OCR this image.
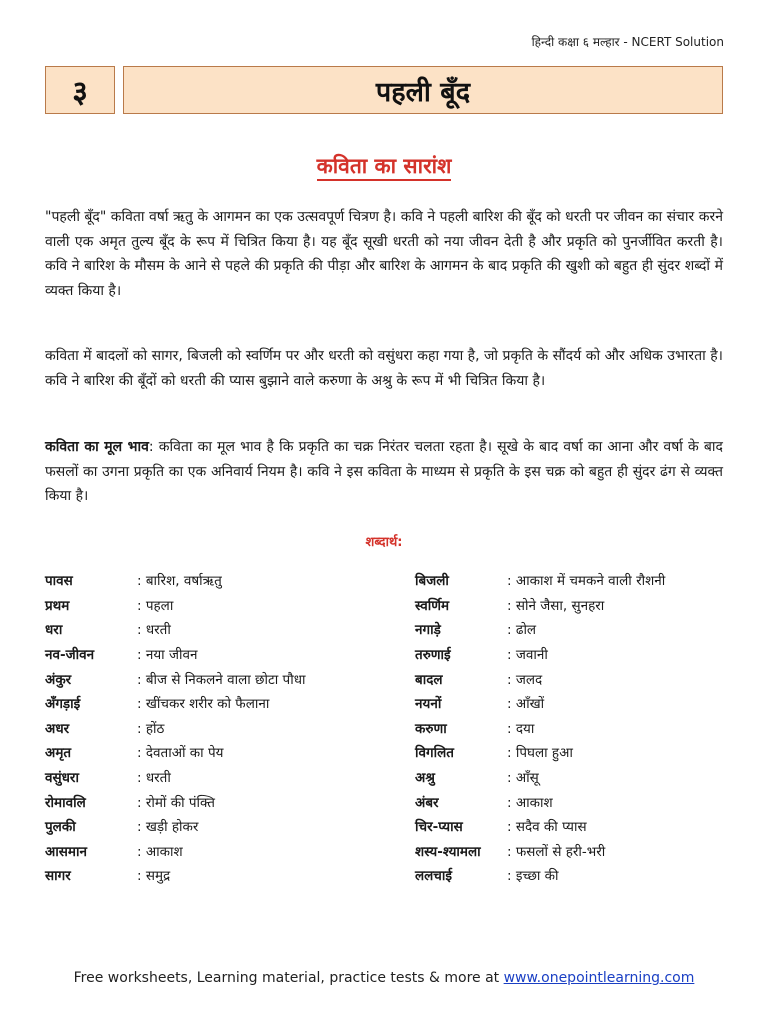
हिन्दी कक्षा ६ मल्हार - NCERT Solution
३	पहली बूँद
कविता का सारांश

"पहली बूँद" कविता वर्षा ऋतु के आगमन का एक उत्सवपूर्ण चित्रण है। कवि ने पहली बारिश की बूँद को धरती पर जीवन का संचार करने वाली एक अमृत तुल्य बूँद के रूप में चित्रित किया है। यह बूँद सूखी धरती को नया जीवन देती है और प्रकृति को पुनर्जीवित करती है। कवि ने बारिश के मौसम के आने से पहले की प्रकृति की पीड़ा और बारिश के आगमन के बाद प्रकृति की खुशी को बहुत ही सुंदर शब्दों में व्यक्त किया है।

कविता में बादलों को सागर, बिजली को स्वर्णिम पर और धरती को वसुंधरा कहा गया है, जो प्रकृति के सौंदर्य को और अधिक उभारता है। कवि ने बारिश की बूँदों को धरती की प्यास बुझाने वाले करुणा के अश्रु के रूप में भी चित्रित किया है।

कविता का मूल भाव: कविता का मूल भाव है कि प्रकृति का चक्र निरंतर चलता रहता है। सूखे के बाद वर्षा का आना और वर्षा के बाद फसलों का उगना प्रकृति का एक अनिवार्य नियम है। कवि ने इस कविता के माध्यम से प्रकृति के इस चक्र को बहुत ही सुंदर ढंग से व्यक्त किया है।

शब्दार्थ:
पावस	: बारिश, वर्षाऋतु
प्रथम	: पहला
धरा	: धरती
नव-जीवन	: नया जीवन
अंकुर	: बीज से निकलने वाला छोटा पौधा
अँगड़ाई	: खींचकर शरीर को फैलाना
अधर	: होंठ
अमृत	: देवताओं का पेय
वसुंधरा	: धरती
रोमावलि	: रोमों की पंक्ति
पुलकी	: खड़ी होकर
आसमान	: आकाश
सागर	: समुद्र
बिजली	: आकाश में चमकने वाली रौशनी
स्वर्णिम	: सोने जैसा, सुनहरा
नगाड़े	: ढोल
तरुणाई	: जवानी
बादल	: जलद
नयनों	: आँखों
करुणा	: दया
विगलित	: पिघला हुआ
अश्रु	: आँसू
अंबर	: आकाश
चिर-प्यास	: सदैव की प्यास
शस्य-श्यामला	: फसलों से हरी-भरी
ललचाई	: इच्छा की
Free worksheets, Learning material, practice tests & more at www.onepointlearning.com
